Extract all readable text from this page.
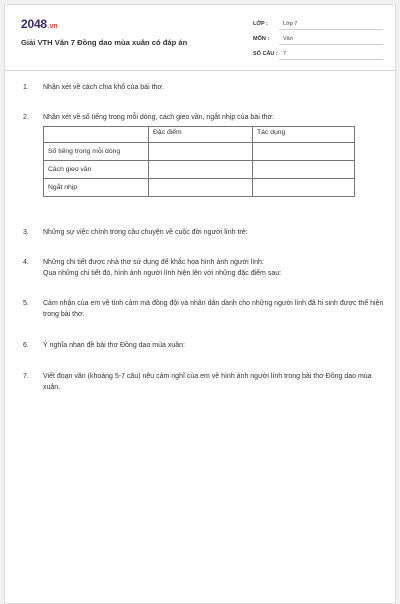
2048.vn
Giải VTH Văn 7 Đồng dao mùa xuân có đáp án
LỚP :	Lớp 7
MÔN :	Văn
SỐ CÂU : 7
1. Nhận xét về cách chia khổ của bài thơ.
2. Nhận xét về số tiếng trong mỗi dòng, cách gieo vần, ngắt nhịp của bài thơ:
	Đặc điểm	Tác dụng
Số tiếng trong mỗi dòng		
Cách gieo vần		
Ngắt nhịp		
3. Những sự việc chính trong câu chuyện về cuộc đời người lính trẻ:
4. Những chi tiết được nhà thơ sử dụng để khắc họa hình ảnh người lính:
Qua những chi tiết đó, hình ảnh người lính hiện lên với những đặc điểm sau:
5. Cảm nhận của em về tình cảm mà đồng đội và nhân dân dành cho những người lính đã hi sinh được thể hiện trong bài thơ.
6. Ý nghĩa nhan đề bài thơ Đồng dao mùa xuân:
7. Viết đoạn văn (khoảng 5-7 câu) nêu cảm nghĩ của em về hình ảnh người lính trong bài thơ Đồng dao mùa xuân.
